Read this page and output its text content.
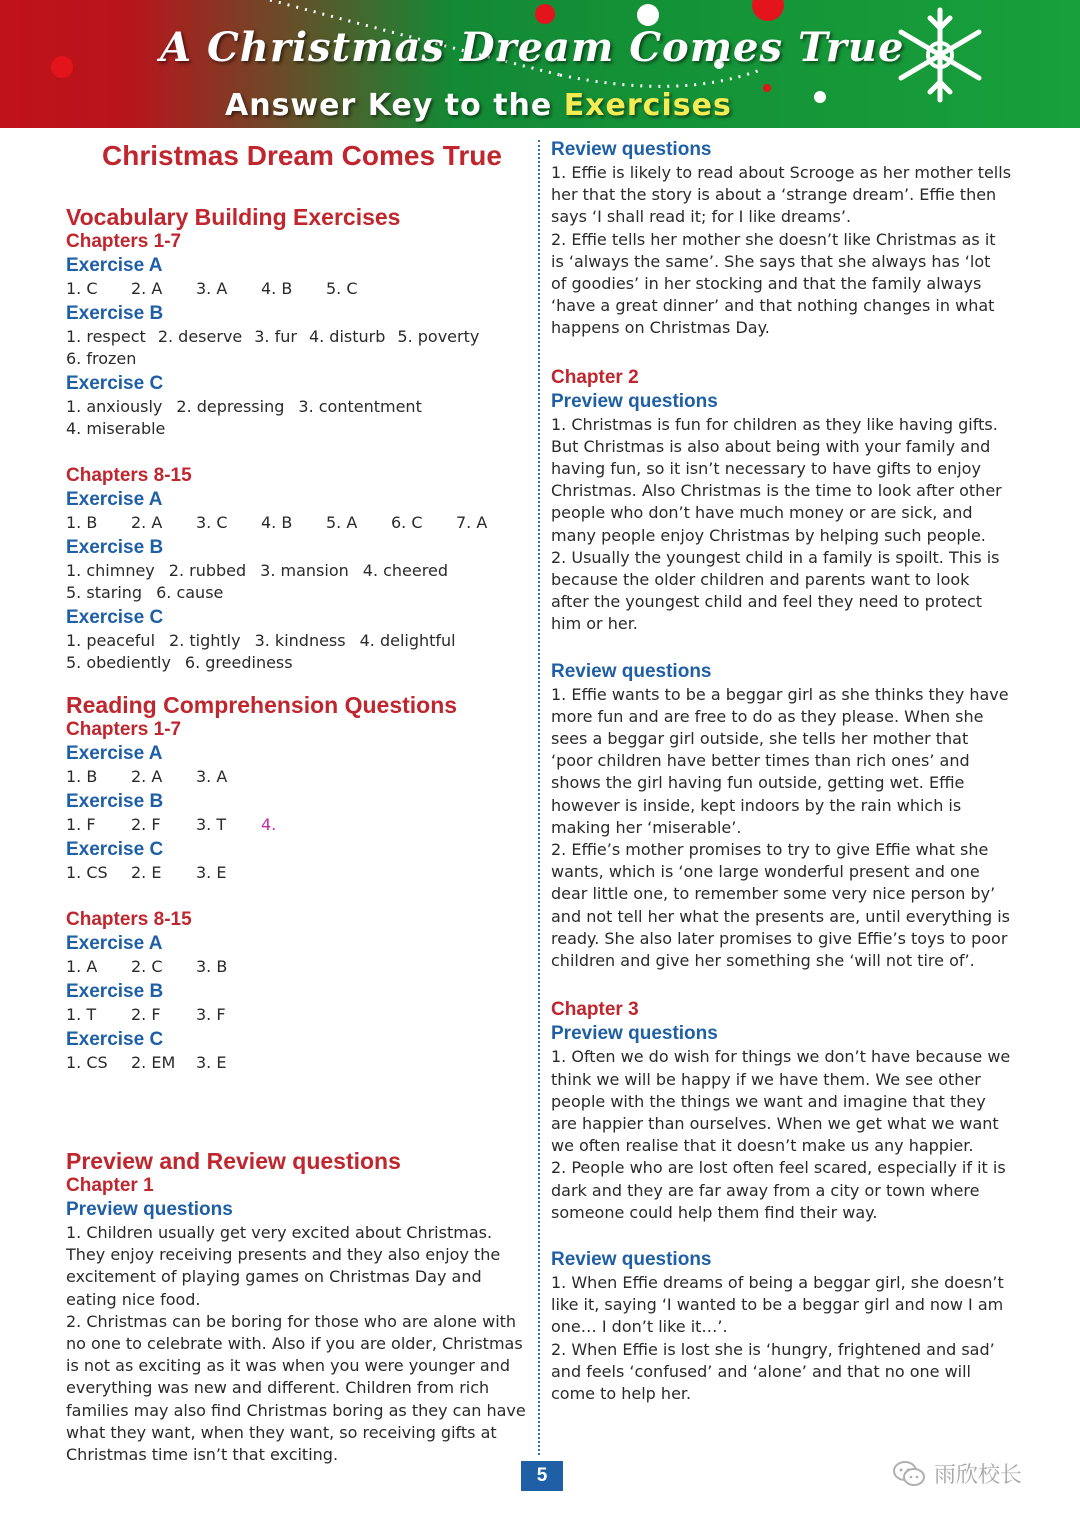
A Christmas Dream Comes True
Answer Key to the Exercises
Christmas Dream Comes True
Vocabulary Building Exercises
Chapters 1-7
Exercise A
1. C 2. A 3. A 4. B 5. C
Exercise B
1. respect 2. deserve 3. fur 4. disturb 5. poverty
6. frozen
Exercise C
1. anxiously 2. depressing 3. contentment
4. miserable
Chapters 8-15
Exercise A
1. B 2. A 3. C 4. B 5. A 6. C 7. A
Exercise B
1. chimney 2. rubbed 3. mansion 4. cheered
5. staring 6. cause
Exercise C
1. peaceful 2. tightly 3. kindness 4. delightful
5. obediently 6. greediness
Reading Comprehension Questions
Chapters 1-7
Exercise A
1. B 2. A 3. A
Exercise B
1. F 2. F 3. T 4.
Exercise C
1. CS 2. E 3. E
Chapters 8-15
Exercise A
1. A 2. C 3. B
Exercise B
1. T 2. F 3. F
Exercise C
1. CS 2. EM 3. E
Preview and Review questions
Chapter 1
Preview questions
1. Children usually get very excited about Christmas.
They enjoy receiving presents and they also enjoy the
excitement of playing games on Christmas Day and
eating nice food.
2. Christmas can be boring for those who are alone with
no one to celebrate with. Also if you are older, Christmas
is not as exciting as it was when you were younger and
everything was new and different. Children from rich
families may also find Christmas boring as they can have
what they want, when they want, so receiving gifts at
Christmas time isn’t that exciting.
Review questions
1. Effie is likely to read about Scrooge as her mother tells
her that the story is about a ‘strange dream’. Effie then
says ‘I shall read it; for I like dreams’.
2. Effie tells her mother she doesn’t like Christmas as it
is ‘always the same’. She says that she always has ‘lot
of goodies’ in her stocking and that the family always
‘have a great dinner’ and that nothing changes in what
happens on Christmas Day.
Chapter 2
Preview questions
1. Christmas is fun for children as they like having gifts.
But Christmas is also about being with your family and
having fun, so it isn’t necessary to have gifts to enjoy
Christmas. Also Christmas is the time to look after other
people who don’t have much money or are sick, and
many people enjoy Christmas by helping such people.
2. Usually the youngest child in a family is spoilt. This is
because the older children and parents want to look
after the youngest child and feel they need to protect
him or her.
Review questions
1. Effie wants to be a beggar girl as she thinks they have
more fun and are free to do as they please. When she
sees a beggar girl outside, she tells her mother that
‘poor children have better times than rich ones’ and
shows the girl having fun outside, getting wet. Effie
however is inside, kept indoors by the rain which is
making her ‘miserable’.
2. Effie’s mother promises to try to give Effie what she
wants, which is ‘one large wonderful present and one
dear little one, to remember some very nice person by’
and not tell her what the presents are, until everything is
ready. She also later promises to give Effie’s toys to poor
children and give her something she ‘will not tire of’.
Chapter 3
Preview questions
1. Often we do wish for things we don’t have because we
think we will be happy if we have them. We see other
people with the things we want and imagine that they
are happier than ourselves. When we get what we want
we often realise that it doesn’t make us any happier.
2. People who are lost often feel scared, especially if it is
dark and they are far away from a city or town where
someone could help them find their way.
Review questions
1. When Effie dreams of being a beggar girl, she doesn’t
like it, saying ‘I wanted to be a beggar girl and now I am
one… I don’t like it…’.
2. When Effie is lost she is ‘hungry, frightened and sad’
and feels ‘confused’ and ‘alone’ and that no one will
come to help her.
5	雨欣校长
